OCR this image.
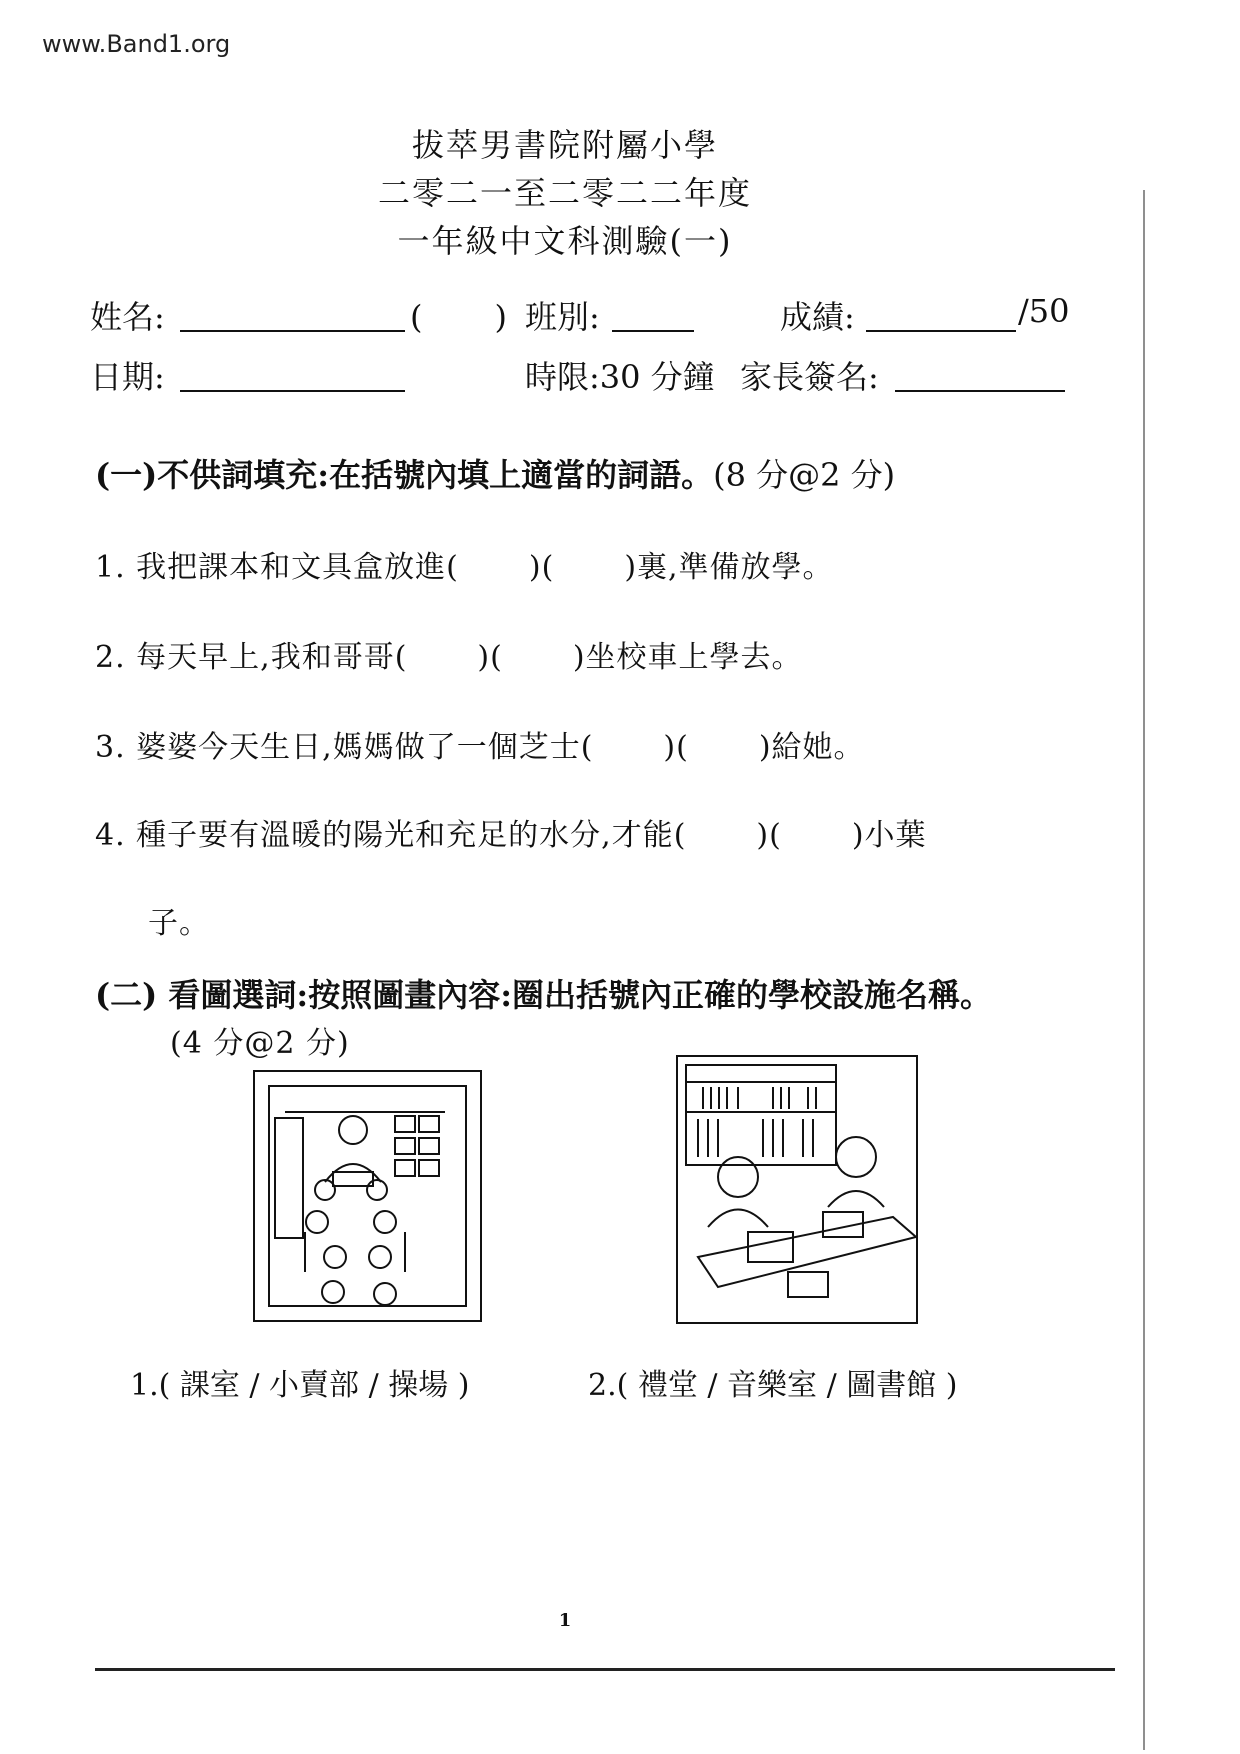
www.Band1.org
拔萃男書院附屬小學
二零二一至二零二二年度
一年級中文科測驗(一)
姓名:	(　)
班別:	成績:	/50
日期:	時限:30 分鐘 家長簽名:
(一)不供詞填充:在括號內填上適當的詞語。(8 分@2 分)
1. 我把課本和文具盒放進( )( )裏,準備放學。
2. 每天早上,我和哥哥( )( )坐校車上學去。
3. 婆婆今天生日,媽媽做了一個芝士( )( )給她。
4. 種子要有溫暖的陽光和充足的水分,才能( )( )小葉
子。
(二) 看圖選詞:按照圖畫內容:圈出括號內正確的學校設施名稱。
(4 分@2 分)
1.( 課室 / 小賣部 / 操場 )	2.( 禮堂 / 音樂室 / 圖書館 )
1
